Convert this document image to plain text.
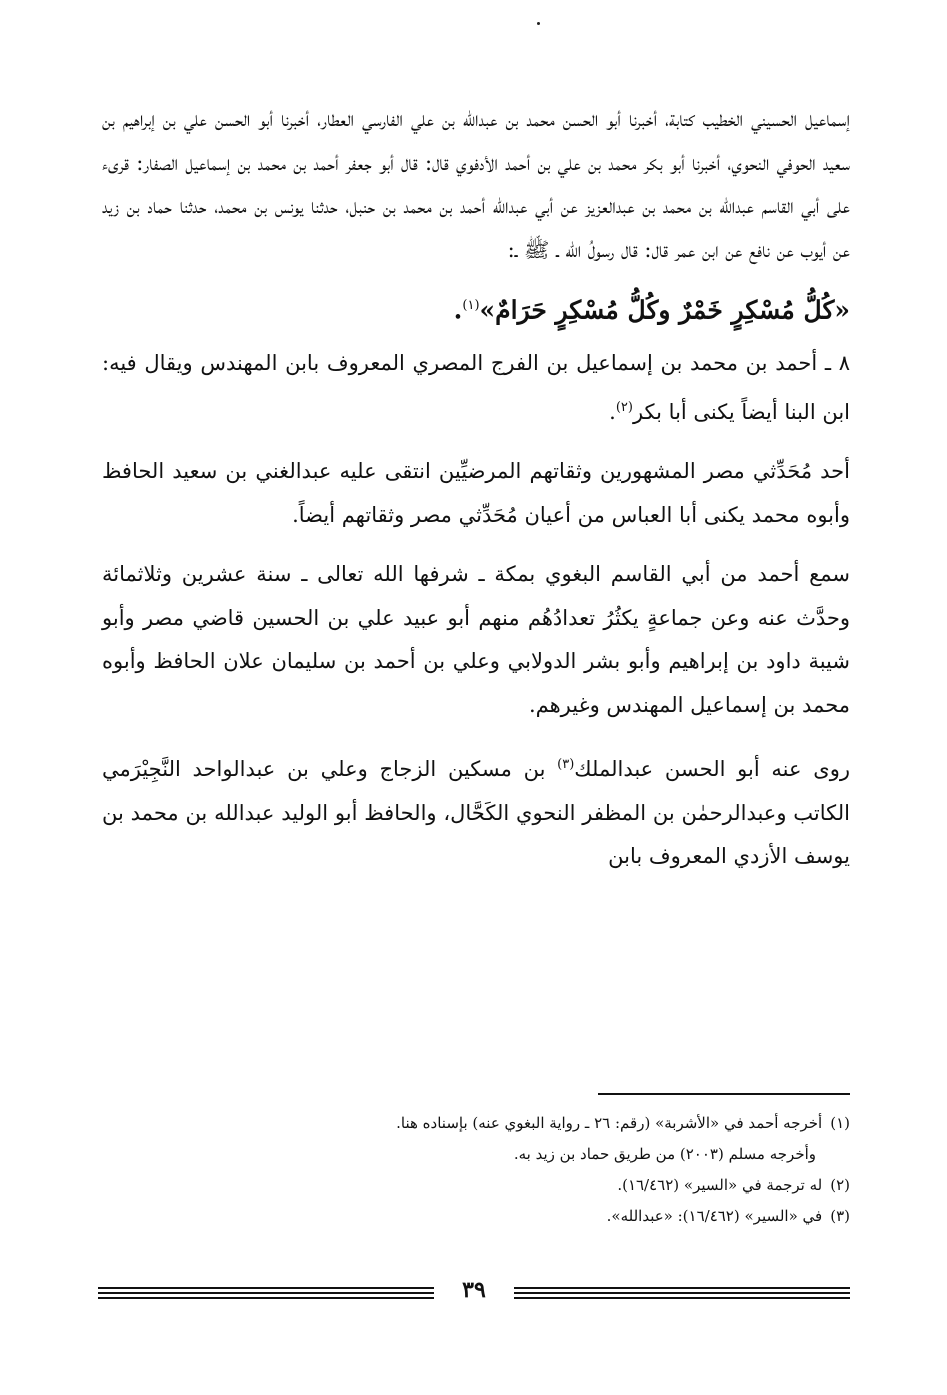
إسماعيل الحسيني الخطيب كتابة، أخبرنا أبو الحسن محمد بن عبدالله بن علي الفارسي العطار، أخبرنا أبو الحسن علي بن إبراهيم بن سعيد الحوفي النحوي، أخبرنا أبو بكر محمد بن علي بن أحمد الأدفوي قال: قال أبو جعفر أحمد بن محمد بن إسماعيل الصفار: قرىء على أبي القاسم عبدالله بن محمد بن عبدالعزيز عن أبي عبدالله أحمد بن محمد بن حنبل، حدثنا يونس بن محمد، حدثنا حماد بن زيد عن أيوب عن نافع عن ابن عمر قال: قال رسولُ الله ـ ﷺ ـ:

«كُلُّ مُسْكِرٍ خَمْرٌ وكُلُّ مُسْكِرٍ حَرَامٌ»$^{(١)}$.

٨ ـ أحمد بن محمد بن إسماعيل بن الفرج المصري المعروف بابن المهندس ويقال فيه: ابن البنا أيضاً يكنى أبا بكر$^{(٢)}$.

أحد مُحَدِّثي مصر المشهورين وثقاتهم المرضيِّين انتقى عليه عبدالغني بن سعيد الحافظ وأبوه محمد يكنى أبا العباس من أعيان مُحَدِّثي مصر وثقاتهم أيضاً.

سمع أحمد من أبي القاسم البغوي بمكة ـ شرفها الله تعالى ـ سنة عشرين وثلاثمائة وحدَّث عنه وعن جماعةٍ يكثُرُ تعدادُهُم منهم أبو عبيد علي بن الحسين قاضي مصر وأبو شيبة داود بن إبراهيم وأبو بشر الدولابي وعلي بن أحمد بن سليمان علان الحافظ وأبوه محمد بن إسماعيل المهندس وغيرهم.

روى عنه أبو الحسن عبدالملك$^{(٣)}$ بن مسكين الزجاج وعلي بن عبدالواحد النَّجِيْرَمي الكاتب وعبدالرحمٰن بن المظفر النحوي الكَحَّال، والحافظ أبو الوليد عبدالله بن محمد بن يوسف الأزدي المعروف بابن

(١)أخرجه أحمد في «الأشربة» (رقم: ٢٦ ـ رواية البغوي عنه) بإسناده هنا.

وأخرجه مسلم (٢٠٠٣) من طريق حماد بن زيد به.

(٢)له ترجمة في «السير» (١٦/٤٦٢).

(٣)في «السير» (١٦/٤٦٢): «عبدالله».

٣٩
